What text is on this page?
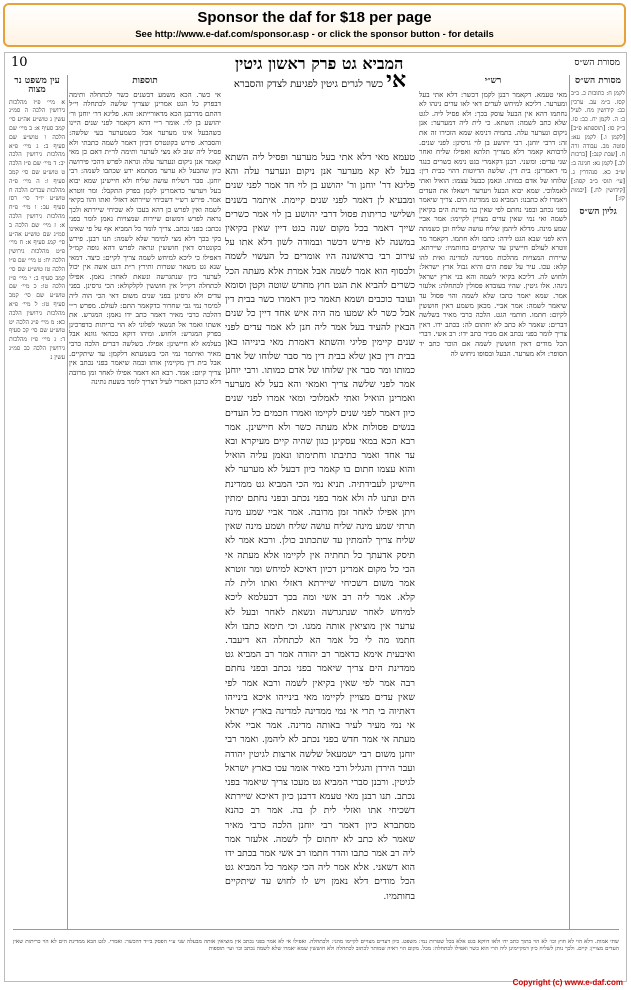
Sponsor the daf for $18 per page
See http://www.e-daf.com/sponsor.asp - or click the sponsor button - for details
10	המביא גט פרק ראשון גיטין	מסורת הש״ס
עין משפט נר מצוה

א מיי׳ פ״ז מהלכות גירושין הלכה ה סמ״ג עשין נ טוש״ע אה״ע סי׳ קמב סעיף א: ב מיי׳ שם הלכה ו טוש״ע שם סעיף ב: ג מיי׳ פ״א מהלכות גירושין הלכה יב: ד מיי׳ שם פ״ז הלכה ט טוש״ע שם סי׳ קמב סעיף ו: ה מיי׳ פ״ה מהלכות עבדים הלכה ח טוש״ע יו״ד סי׳ רסז סעיף עב: ו מיי׳ פ״ח מהלכות גירושין הלכה א: ז מיי׳ שם הלכה ב סמ״ג שם טוש״ע אה״ע סי׳ קמג סעיף א: ח מיי׳ פ״ט מהלכות גירושין הלכה יח: ט מיי׳ שם פ״ו הלכה טז טוש״ע שם סי׳ קמב סעיף ב: י מיי׳ פ״ז הלכה טו: כ מיי׳ שם טוש״ע שם סי׳ קמב סעיף טז: ל מיי׳ פ״א מהלכות גירושין הלכה כא: מ מיי׳ פ״ג הלכה יט טוש״ע שם סי׳ קכ סעיף ד: נ מיי׳ פ״ז מהלכות גירושין הלכה כב סמ״ג עשין נ

תוספות

אי כשר. הכא משמע דבשנים כשר לכתחלה ותימה דבפרק כל הגט אמרינן שצריך שלשה לכתחלה וי״ל דהתם מדרבנן הכא מדאורייתא: והא. פליגא דר׳ יוחנן ור׳ יהושע בן לוי. אומר ר״י דהא דקאמר לפני שנים היינו כשהבעל אינו מערער אבל כשמערער בעי שלשה: והסברא. פירש בקונטרס דכיון דאמר לשמה כתבתי ולא פסיל ליה שוב לא מצי לערער ותימה לר״ת דאם כן מאי קאמר אנן ניקום ונערער עלה ונראה לפרש דהכי פירושה כיון שהבעל לא ערער מסתמא ידע שכתבו לשמה: רבי יוחנן. סבר דשליח עושה שליח ולא חיישינן שמא יבוא בעל ויערער כדאמרינן לקמן בפרק התקבל: ומר זוטרא אמר. פירש רש״י דשכיחי שיירתא דאזלי ואתו והוו בקיאי לשמה ואין לפרש כן דהא בעכו לא שכיחי שיירתא ולכך נראה לפרש דמשום שיירות שמצויות נאמן לומר בפני נכתב: בפני נכתב. צריך לומר כל המביא אף על פי שאינו בקי בכך דלא מצי למימר שלא לשמה: תנו רבנן. פירש בקונטרס דאין חוששין ונראה לפרש דהא גופה קמ״ל דאפילו כי ליכא למיחש לשמה צריך לקיים: כיצד. דמאי שנא גט משאר שטרות ותירץ ר״ת דגט אשה אין יכול לערער כיון שנתגרשה ונשאת לאחר: נאמן. אפילו לכתחלה דקי״ל אין חוששין לקלקולא: הכי גרסינן. בפני עדים ולא גרסינן בפני שנים משום דאי הכי הוה ליה למימר נמי גבי שחרור כדקאמר התם: לעולם. מפרש ר״י דהלכה כרבי מאיר דאמר כתב ידו נאמן: המגרש. את אשתו ואמר אל תנשאי לפלוני לא הוי כריתות כדפרכינן בפרק המגרש: ולחוש. ומיהו דוקא בכהאי גוונא אבל בעלמא לא חיישינן: אפילו. בשלשה דברים הלכה כרבי מאיר ואיתמר נמי הכי בשמעתא דלקמן: עד שיתקיים. אבל בית דין מקיימין אותו ובמה שיאמר בפני נכתב אין צריך קיום: אמר. רבא הא דאמר אפילו לאחר זמן מרובה דלא כרבנן דאמרי לעיל דצריך לומר בשעת נתינה

אי כשר לגרים גיטין לפגיעת לצדק והסברא

טעמא מאי דלא אתי בעל מערער ופסיל ליה השתא בעל לא קא מערער אנן ניקום ונערער עלה והא פליגא דר' יוחנן ור' יהושע בן לוי חד אמר לפני שנים ומבעיא לן דאמר לפני שנים קיימת. איתמר בשנים ושלישי כריתות פסול דרבי יהושע בן לוי אמר כשרים שייך דאמר בכל מקום שנה בגט דיין שאין בקיאין במשנה לא פירש דכשר ובמודה לשון דלא אתו על עירוב רבי בראשונה היו אומרים כל העשוי לשמה ולבסוף הוא אמר לשמה אבל אמרת אלא מעתה הכל כשרים להביא את הגט חוץ מחרש שוטה וקטן וסומא ועובד כוכבים ושמא תאמר כיון דאמרו כשר בבית דין אבל כשר לא שמעו מה היה איש אחד דיין כל שנים הבאין להעיד בעל אמר ליה חנן לא אמר עדים לפני שנים קיימין פליגי והשתא דאמרת מאי בינייהו כאן בבית דין כאן שלא בבית דין מר סבר שלוחו של אדם כמותו ומר סבר אין שלוחו של אדם כמותו. ורבי יוחנן אמר לפני שלשה צריך ואמאי והא בעל לא מערער ואמרינן הואיל ואתי לאמלוכי ומאי אמרו לפני שנים כיון דאמר לפני שנים לקיימו ואמרו חכמים כל העדים בנשים פסולות אלא מעתה כשר ולא חיישינן. אמר רבא הכא במאי עסקינן כגון שהיה קיים מעיקרא ובא עד אחד ואמר כתיבתו וחתימתו ונאמן עליה הואיל והוא עצמו חתום בו קאמר כיון דבעל לא מערער לא חיישינן לעבידתיה. תניא נמי הכי המביא גט ממדינת הים ונתנו לה ולא אמר בפני נכתב ובפני נחתם ימתין ויתן אפילו לאחר זמן מרובה. אמר אביי שמע מינה תרתי שמע מינה שליח עושה שליח ושמע מינה שאין שליח צריך להמתין עד שתכתוב כולן. ורבא אמר לא תיסק אדעתך כל תחתיה אין לקיימו אלא מעתה אי הכי כל מקום אמרינן דכיון דאיכא למיחש ומר זוטרא אמר משום דשכיחי שיירתא דאזלי ואתו ולית לה קלא. אמר ליה רב אשי ומה בכך דבעלמא ליכא למיחש לאחר שנתגרשה ונשאת לאחר ובעל לא ערער אין מוציאין אותה ממנו. וכי תימא כתבו ולא חתמו מה לי כל אמר הא לכתחלה הא דיעבד. ואיבעית אימא כדאמר רב יהודה אמר רב המביא גט ממדינת הים צריך שיאמר בפני נכתב ובפני נחתם רבה אמר לפי שאין בקיאין לשמה ורבא אמר לפי שאין עדים מצויין לקיימו מאי בינייהו איכא בינייהו דאתיוה בי תרי אי נמי ממדינה למדינה בארץ ישראל אי נמי מעיר לעיר באותה מדינה. אמר אביי אלא מעתה אי אמר חדש בפני נכתב לא ליהמן. ואמר רבי יוחנן משום רבי ישמעאל שלשה ארצות לגיטין יהודה ועבר הירדן והגליל ורבי מאיר אומר עכו כארץ ישראל לגיטין. ורבנן סברי המביא גט מעכו צריך שיאמר בפני נכתב. תנו רבנן מאי טעמא דרבנן כיון דאיכא שיירתא דשכיחי אתו ואזלי לית לן בה. אמר רב כהנא מסתברא כיון דאמר רבי יוחנן הלכה כרבי מאיר שאמר לא כתב לא יחתום לך לשמה. אלעזר אמר ליה רב אמר כתבו והדר חתמו רב אשי אמר בכתב ידו הוא דשאני. אלא אמר ליה הכי קאמר כל המביא גט הכל מודים דלא נאמן ויש לו לחוש עד שיתקיים בחותמיו.

רש״י

מאי טעמא. דקאמר רבנן לקמן דכשר: דלא אתי בעל ומערער. דליכא למיחש לעדים דאי לאו עדים נינהו לא נחתמו דהא אין הבעל עוסק בכך: ולא פסיל ליה. לגט שלא כתב לשמה: השתא. כי לית ליה דמערער: אנן ניקום ונערער עלה. בתמיה דנימא שמא הזכירו זה את זה: דרבי יוחנן. רבי יהושע בן לוי גרסינן: לפני שנים. לרבותא קאמר דלא מצריך תלתא ואפילו שליח ואחר שני עדים: ומשני. רבנן דקאמרי בגט נימא כשרים כנגד מי דאמרינן: בית דין. שלשה הדיוטות דהוי כבית דין: שלוחו של אדם כמותו. ונאמן כבעל עצמו: הואיל ואתי לאמלוכי. שמא יבוא הבעל ויערער וישאלו את העדים ויאמרו לא כתבנו: המביא גט ממדינת הים. צריך שיאמר בפני נכתב ובפני נחתם לפי שאין בני מדינת הים בקיאין לשמה ואי נמי שאין עדים מצויין לקיימו: אמר אביי שמע מינה. מדלא ליהמן שליח עושה שליח וכן כשמתה היא לפני שבא הגט לידה: כתבו ולא חתמו. דקאמר מר זוטרא לעולם חיישינן עד שיתקיים בחותמיו: שיירתא. שיירות המצויות מהלכות ממדינה למדינה ואית להו קלא: עכו. עיר על שפת הים והיא גבול ארץ ישראל: ולחוש לה. דליכא בקיאי לשמה והא בני ארץ ישראל נינהו. אלו גיטין. שהיו בעובדא פסולין לכתחלה: אלעזר אמר. שמא יאמר כתבו שלא לשמה והוי פסול עד שיאמר לשמה: אמר אביי. מכאן משמע דאין חוששין לקיום: חתמו. חותמי הגט. הלכה כרבי מאיר בשלשה דברים: שאמר לא כתב לא יחתום לה: בכתב ידו. דאין צריך לומר בפני נכתב אם מכיר כתב ידו: רב אשי. דברי הכל מודים דאין חוששין לשמה אם הוכר כתב יד הסופר: ולא מערער. הבעל ובסופו ניחוש לה

מסורת הש״ס

לקמן ח: כתובות כ. ב״ב קסז. ב״מ עב. ערכין כב: קידושין מח. לעיל ב: ה. לקמן יח. כב: סו. ב״ק סז: [תוספתא פ״ב] [לקמן ו.] לקמן עא: סוטה מב. עבודה זרה ח. [שבת קנב:] [ברכות לב.] לקמן נא: חגיגה ב: ש״ב כא. סנהדרין ג. [עי׳ תוס׳ ב״ב קסה:] [קידושין לח.] [יבמות קז:]

גליון הש״ס

שתי אמות. דלא הוי לא חוץ וכו׳ לא הוי בתוך כתב ידו ולאו דווקא בגט אלא בכל שטרות נמי: משפט. כיון דעדים מצויים לקיימו מהני: ולכתחלה. ואפילו אי לא אמר בפני נכתב אין מוציאין אותה מבעלה שני ע״י הפסק בי״ד דהכשר: ואמרי. לגט הבא ממדינת הים לא הוי כריתות שאין העדים מצויין: קיים. ולכך נותן לשליח כיון דמקיימינן ליה הרי הוא כשר ואפילו לכתחלה: מכל. מקום הוי ראיה שמותר לכתוב לכתחלה ולא חוששין שמא יאמרו שלא לשמה נכתב וכו׳ ועי׳ תוספות

Copyright (c) www.e-daf.com
